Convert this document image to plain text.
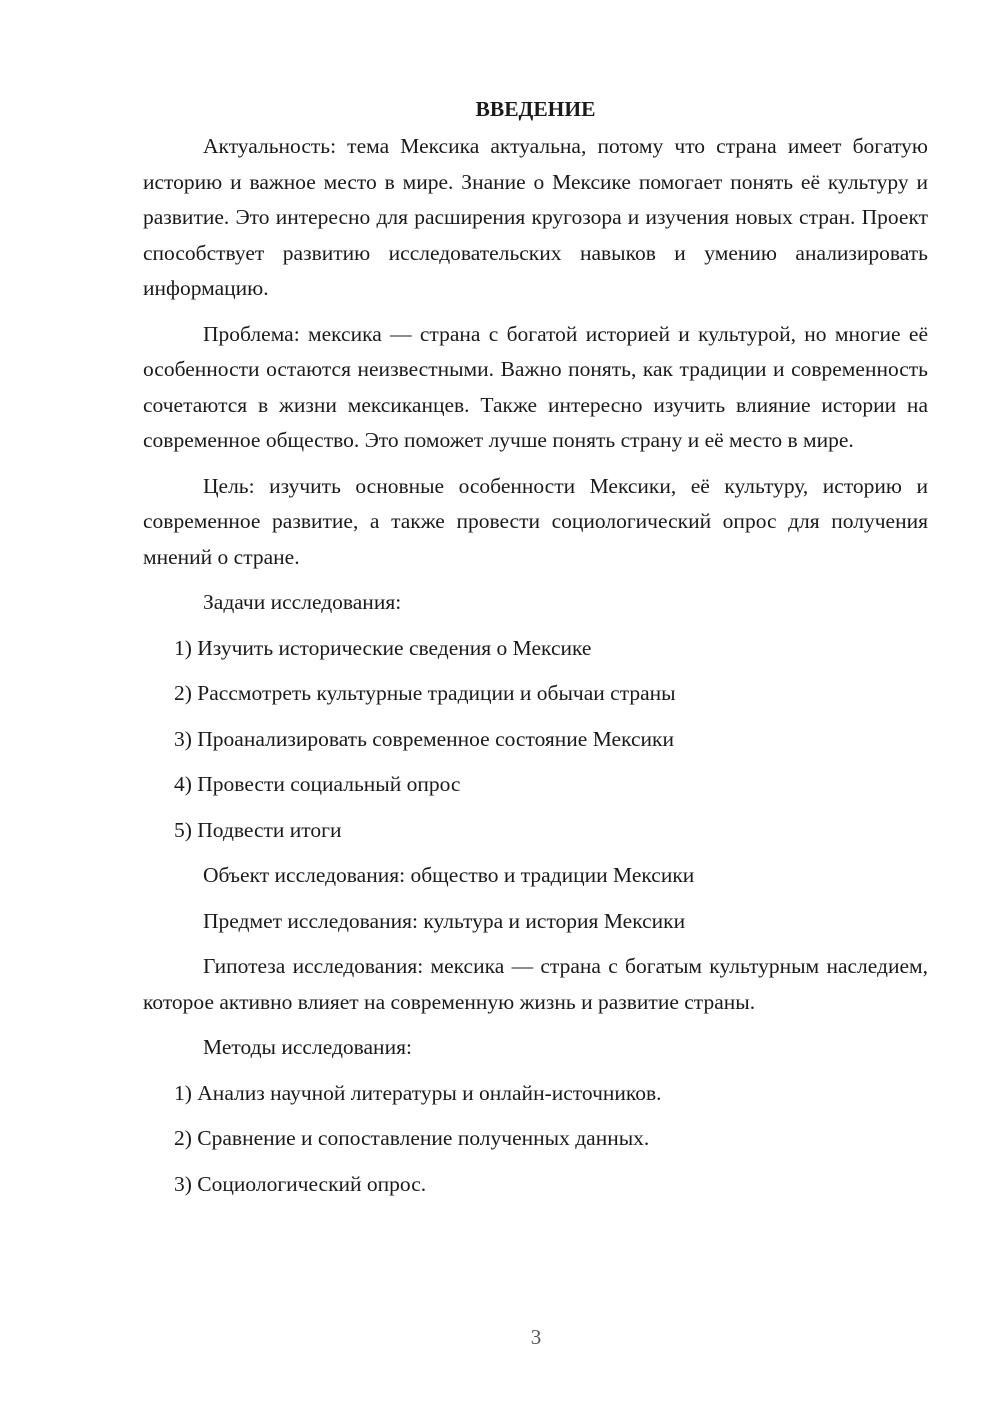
ВВЕДЕНИЕ

Актуальность: тема Мексика актуальна, потому что страна имеет богатую историю и важное место в мире. Знание о Мексике помогает понять её культуру и развитие. Это интересно для расширения кругозора и изучения новых стран. Проект способствует развитию исследовательских навыков и умению анализировать информацию.

Проблема: мексика — страна с богатой историей и культурой, но многие её особенности остаются неизвестными. Важно понять, как традиции и современность сочетаются в жизни мексиканцев. Также интересно изучить влияние истории на современное общество. Это поможет лучше понять страну и её место в мире.

Цель: изучить основные особенности Мексики, её культуру, историю и современное развитие, а также провести социологический опрос для получения мнений о стране.

Задачи исследования:

1) Изучить исторические сведения о Мексике
2) Рассмотреть культурные традиции и обычаи страны
3) Проанализировать современное состояние Мексики
4) Провести социальный опрос
5) Подвести итоги

Объект исследования: общество и традиции Мексики

Предмет исследования: культура и история Мексики

Гипотеза исследования: мексика — страна с богатым культурным наследием, которое активно влияет на современную жизнь и развитие страны.

Методы исследования:

1) Анализ научной литературы и онлайн-источников.
2) Сравнение и сопоставление полученных данных.
3) Социологический опрос.
3
